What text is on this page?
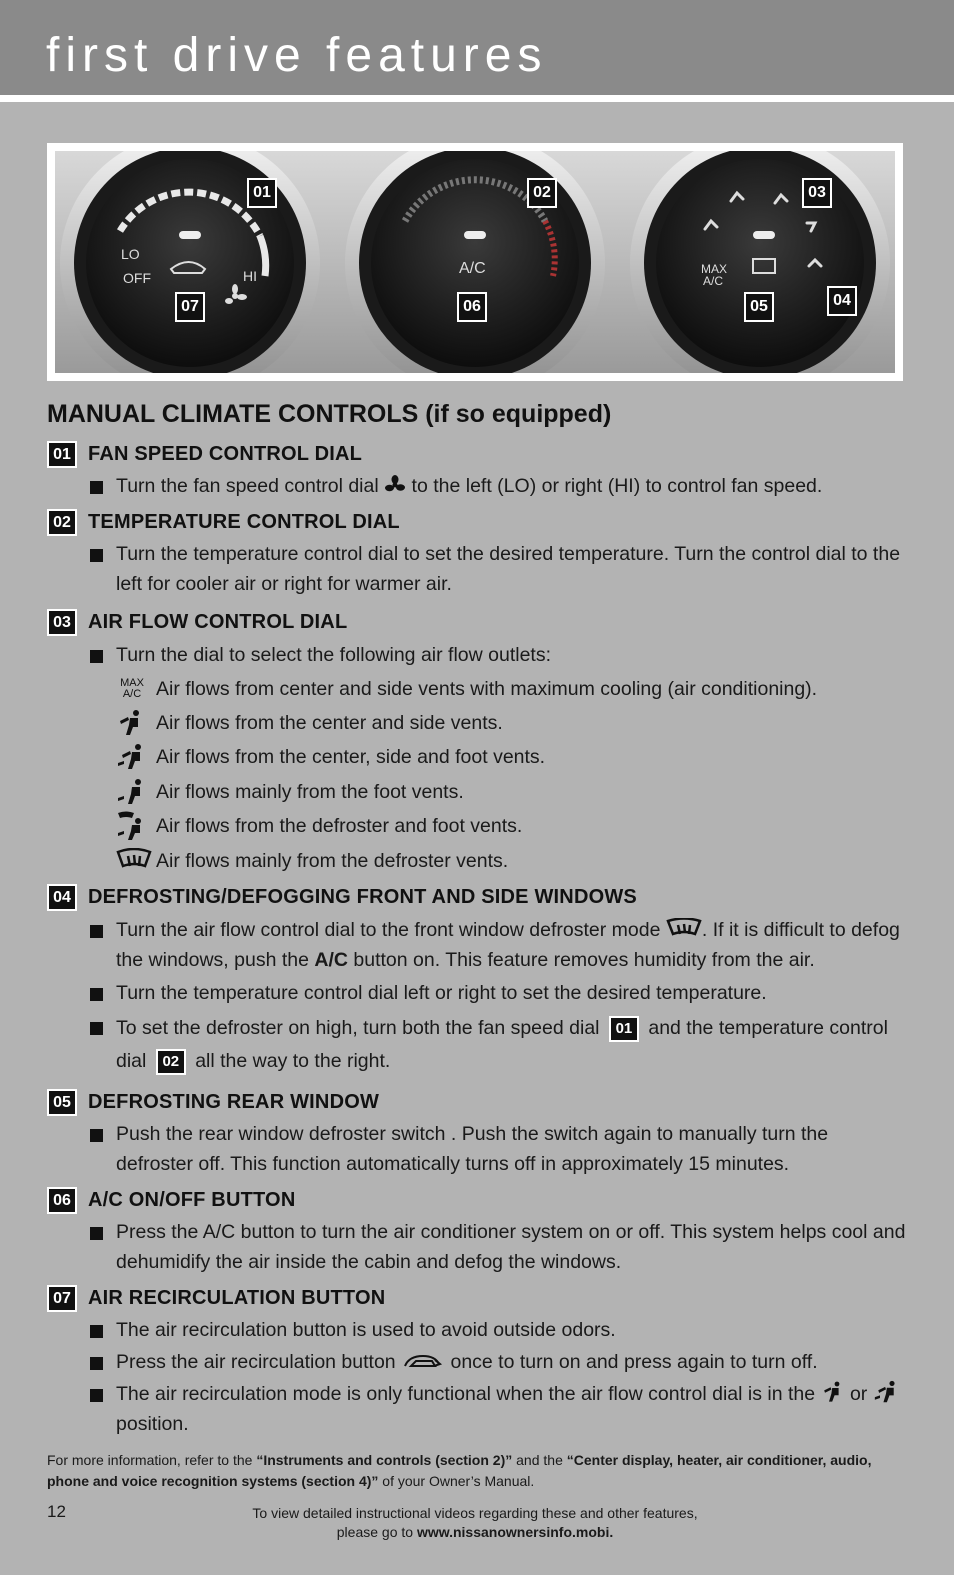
first drive features
LO
OFF	HI	A/C	MAX
A/C
01	02	03
04
05
06
07
MANUAL CLIMATE CONTROLS (if so equipped)
01 FAN SPEED CONTROL DIAL
Turn the fan speed control dial to the left (LO) or right (HI) to control fan speed.
02 TEMPERATURE CONTROL DIAL
Turn the temperature control dial to set the desired temperature. Turn the control dial to the left for cooler air or right for warmer air.
03 AIR FLOW CONTROL DIAL
Turn the dial to select the following air flow outlets:
MAX
A/C Air flows from center and side vents with maximum cooling (air conditioning).
Air flows from the center and side vents.
Air flows from the center, side and foot vents.
Air flows mainly from the foot vents.
Air flows from the defroster and foot vents.
Air flows mainly from the defroster vents.
04 DEFROSTING/DEFOGGING FRONT AND SIDE WINDOWS
Turn the air flow control dial to the front window defroster mode . If it is difficult to defog the windows, push the A/C button on. This feature removes humidity from the air.
Turn the temperature control dial left or right to set the desired temperature.
To set the defroster on high, turn both the fan speed dial 01 and the temperature control dial 02 all the way to the right.
05 DEFROSTING REAR WINDOW
Push the rear window defroster switch . Push the switch again to manually turn the defroster off. This function automatically turns off in approximately 15 minutes.
06 A/C ON/OFF BUTTON
Press the A/C button to turn the air conditioner system on or off. This system helps cool and dehumidify the air inside the cabin and defog the windows.
07 AIR RECIRCULATION BUTTON
The air recirculation button is used to avoid outside odors.
Press the air recirculation button	once to turn on and press again to turn off.
The air recirculation mode is only functional when the air flow control dial is in the or  position.
For more information, refer to the “Instruments and controls (section 2)” and the “Center display, heater, air conditioner, audio, phone and voice recognition systems (section 4)” of your Owner’s Manual.
12	To view detailed instructional videos regarding these and other features,
please go to www.nissanownersinfo.mobi.
